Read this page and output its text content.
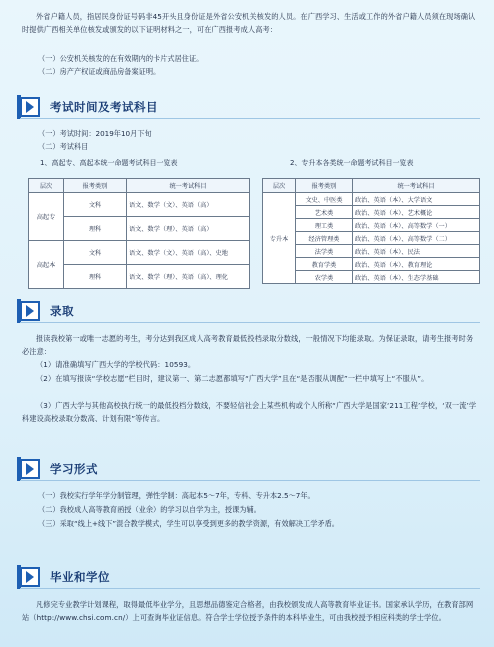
外省户籍人员，指居民身份证号码非45开头且身份证是外省公安机关核发的人员。在广西学习、生活或工作的外省户籍人员须在现场确认时提供广西相关单位核发或颁发的以下证明材料之一，可在广西报考成人高考：
（一）公安机关核发的在有效期内的卡片式居住证。
（二）房产产权证或商品房备案证明。
考试时间及考试科目
（一）考试时间：2019年10月下旬
（二）考试科目
1、高起专、高起本统一命题考试科目一览表	2、专升本各类统一命题考试科目一览表
层次	报考类别	统一考试科目
高起专	文科	语文、数学（文）、英语（高）
	理科	语文、数学（理）、英语（高）
高起本	文科	语文、数学（文）、英语（高）、史地
	理科	语文、数学（理）、英语（高）、理化
层次	报考类别	统一考试科目
专升本	文史、中医类	政治、英语（本）、大学语文
	艺术类	政治、英语（本）、艺术概论
	理工类	政治、英语（本）、高等数学（一）
	经济管理类	政治、英语（本）、高等数学（二）
	法学类	政治、英语（本）、民法
	教育学类	政治、英语（本）、教育理论
	农学类	政治、英语（本）、生态学基础
录取
报读我校第一或唯一志愿的考生，考分达到我区成人高考教育最低投档录取分数线，一般情况下均能录取。为保证录取，请考生报考时务必注意：
（1）请准确填写广西大学的学校代码：10593。
（2）在填写报读“学校志愿”栏目时，建议第一、第二志愿都填写“广西大学”且在“是否服从调配”一栏中填写上“不服从”。
（3）广西大学与其他高校执行统一的最低投档分数线，不要轻信社会上某些机构或个人所称“广西大学是国家‘211工程’学校，‘双一流’学科建设高校录取分数高、计划有限”等传言。
学习形式
（一）我校实行学年学分制管理，弹性学制：高起本5～7年，专科、专升本2.5～7年。
（二）我校成人高等教育函授（业余）的学习以自学为主，授课为辅。
（三）采取“线上+线下”混合教学模式，学生可以享受到更多的教学资源，有效解决工学矛盾。
毕业和学位
凡修完专业教学计划课程，取得最低毕业学分，且思想品德鉴定合格者，由我校颁发成人高等教育毕业证书。国家承认学历，在教育部网站（http://www.chsi.com.cn/）上可查询毕业证信息。符合学士学位授予条件的本科毕业生，可由我校授予相应科类的学士学位。
